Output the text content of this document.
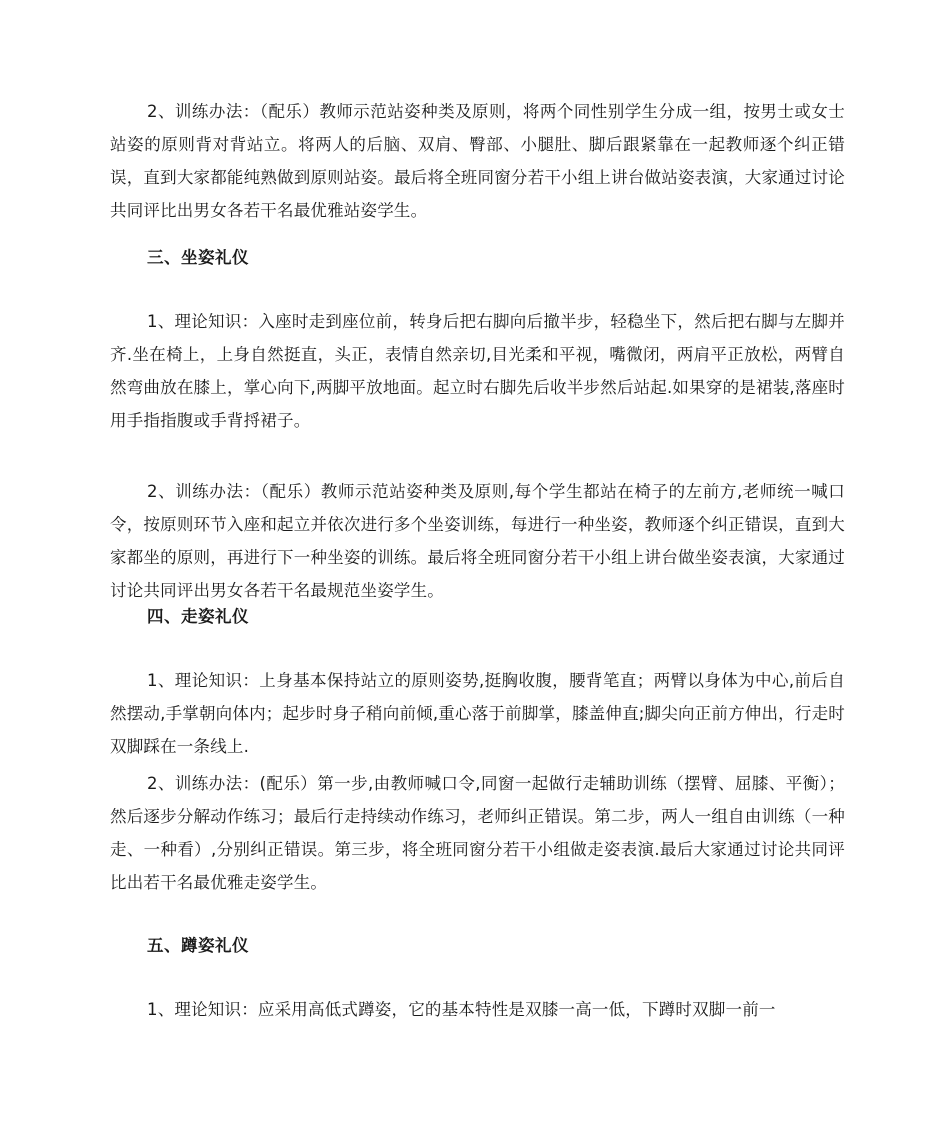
2、训练办法：（配乐）教师示范站姿种类及原则，将两个同性别学生分成一组，按男士或女士站姿的原则背对背站立。将两人的后脑、双肩、臀部、小腿肚、脚后跟紧靠在一起教师逐个纠正错误，直到大家都能纯熟做到原则站姿。最后将全班同窗分若干小组上讲台做站姿表演，大家通过讨论共同评比出男女各若干名最优雅站姿学生。

三、坐姿礼仪

1、理论知识：入座时走到座位前，转身后把右脚向后撤半步，轻稳坐下，然后把右脚与左脚并齐.坐在椅上，上身自然挺直，头正，表情自然亲切,目光柔和平视，嘴微闭，两肩平正放松，两臂自然弯曲放在膝上，掌心向下,两脚平放地面。起立时右脚先后收半步然后站起.如果穿的是裙装,落座时用手指指腹或手背捋裙子。

2、训练办法：（配乐）教师示范站姿种类及原则,每个学生都站在椅子的左前方,老师统一喊口令，按原则环节入座和起立并依次进行多个坐姿训练，每进行一种坐姿，教师逐个纠正错误，直到大家都坐的原则，再进行下一种坐姿的训练。最后将全班同窗分若干小组上讲台做坐姿表演，大家通过讨论共同评出男女各若干名最规范坐姿学生。

四、走姿礼仪

1、理论知识：上身基本保持站立的原则姿势,挺胸收腹，腰背笔直；两臂以身体为中心,前后自然摆动,手掌朝向体内；起步时身子稍向前倾,重心落于前脚掌，膝盖伸直;脚尖向正前方伸出，行走时双脚踩在一条线上.

2、训练办法：(配乐）第一步,由教师喊口令,同窗一起做行走辅助训练（摆臂、屈膝、平衡）；然后逐步分解动作练习；最后行走持续动作练习，老师纠正错误。第二步，两人一组自由训练（一种走、一种看）,分别纠正错误。第三步，将全班同窗分若干小组做走姿表演.最后大家通过讨论共同评比出若干名最优雅走姿学生。

五、蹲姿礼仪

1、理论知识：应采用高低式蹲姿，它的基本特性是双膝一高一低，下蹲时双脚一前一
